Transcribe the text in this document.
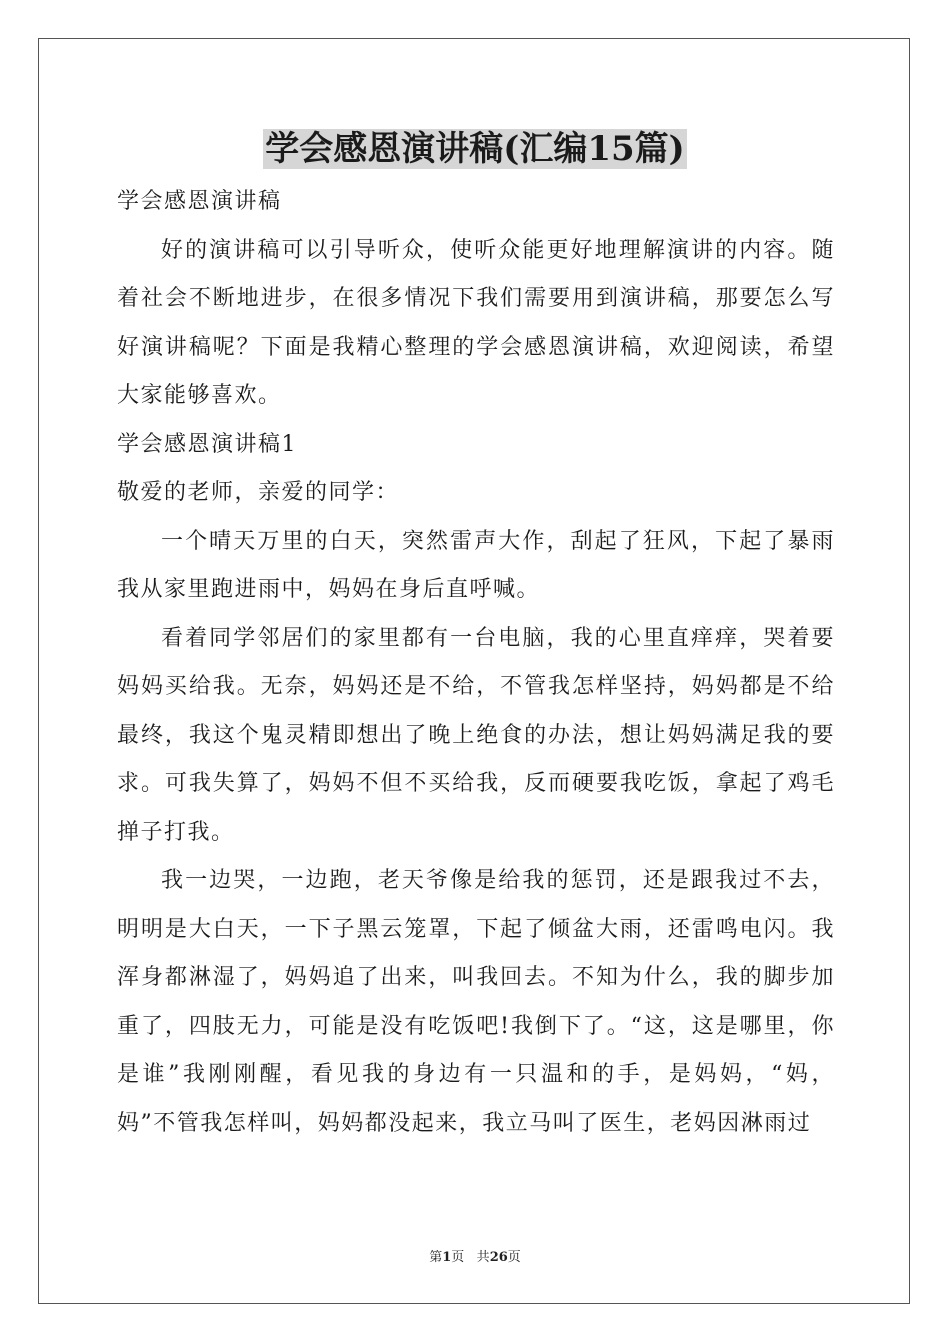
学会感恩演讲稿(汇编15篇)

学会感恩演讲稿

好的演讲稿可以引导听众，使听众能更好地理解演讲的内容。随着社会不断地进步，在很多情况下我们需要用到演讲稿，那要怎么写好演讲稿呢？下面是我精心整理的学会感恩演讲稿，欢迎阅读，希望大家能够喜欢。

学会感恩演讲稿1

敬爱的老师，亲爱的同学：

一个晴天万里的白天，突然雷声大作，刮起了狂风，下起了暴雨我从家里跑进雨中，妈妈在身后直呼喊。

看着同学邻居们的家里都有一台电脑，我的心里直痒痒，哭着要妈妈买给我。无奈，妈妈还是不给，不管我怎样坚持，妈妈都是不给最终，我这个鬼灵精即想出了晚上绝食的办法，想让妈妈满足我的要求。可我失算了，妈妈不但不买给我，反而硬要我吃饭，拿起了鸡毛掸子打我。

我一边哭，一边跑，老天爷像是给我的惩罚，还是跟我过不去，明明是大白天，一下子黑云笼罩，下起了倾盆大雨，还雷鸣电闪。我浑身都淋湿了，妈妈追了出来，叫我回去。不知为什么，我的脚步加重了，四肢无力，可能是没有吃饭吧!我倒下了。“这，这是哪里，你是谁”我刚刚醒，看见我的身边有一只温和的手，是妈妈，“妈，妈”不管我怎样叫，妈妈都没起来，我立马叫了医生，老妈因淋雨过

第1页 共26页
